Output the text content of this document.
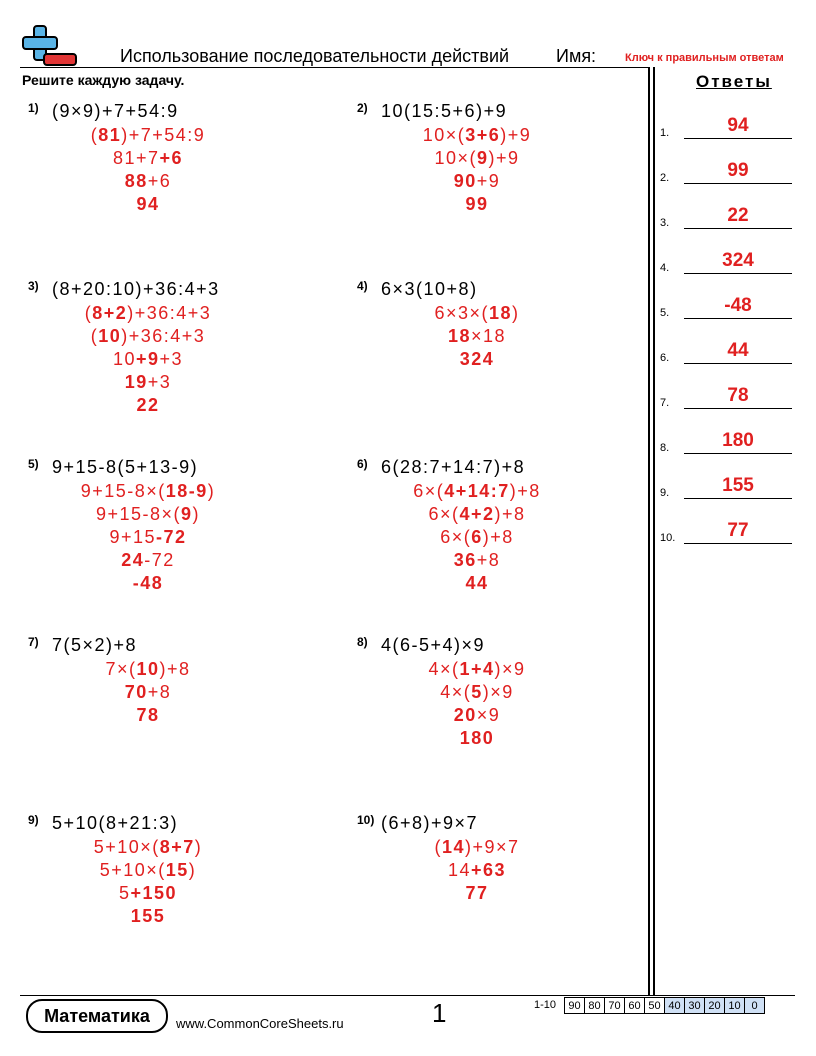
Использование последовательности действий	Имя:	Ключ к правильным ответам
Решите каждую задачу.	Ответы
1.	94
2.	99
3.	22
4.	324
5.	-48
6.	44
7.	78
8.	180
9.	155
10.	77
1) (9×9)+7+54:9
(81)+7+54:9
81+7+6
88+6
94
2) 10(15:5+6)+9
10×(3+6)+9
10×(9)+9
90+9
99
3) (8+20:10)+36:4+3
(8+2)+36:4+3
(10)+36:4+3
10+9+3
19+3
22
4) 6×3(10+8)
6×3×(18)
18×18
324
5) 9+15-8(5+13-9)
9+15-8×(18-9)
9+15-8×(9)
9+15-72
24-72
-48
6) 6(28:7+14:7)+8
6×(4+14:7)+8
6×(4+2)+8
6×(6)+8
36+8
44
7) 7(5×2)+8
7×(10)+8
70+8
78
8) 4(6-5+4)×9
4×(1+4)×9
4×(5)×9
20×9
180
9) 5+10(8+21:3)
5+10×(8+7)
5+10×(15)
5+150
155
10) (6+8)+9×7
(14)+9×7
14+63
77
Математика	www.CommonCoreSheets.ru	1	1-10 90	80	70	60	50	40	30	20	10	0
